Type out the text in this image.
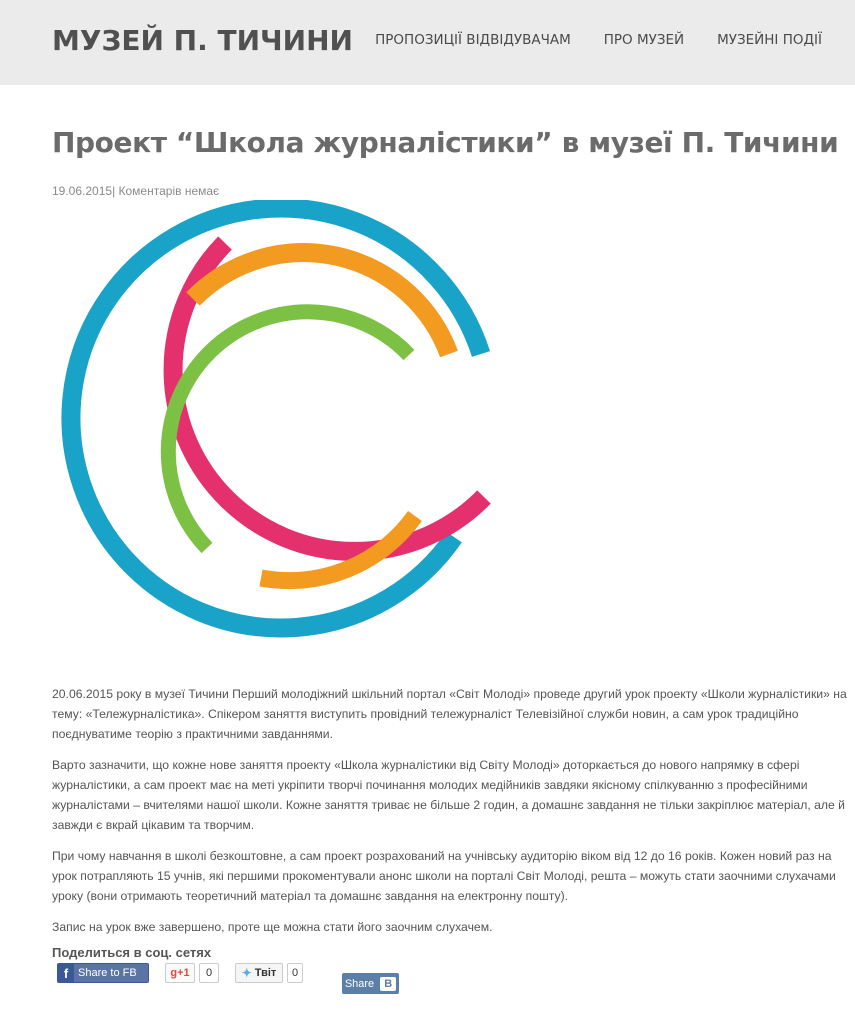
МУЗЕЙ П. ТИЧИНИ ПРОПОЗИЦІЇ ВІДВІДУВАЧАМ ПРО МУЗЕЙ МУЗЕЙНІ ПОДІЇ
Проект “Школа журналістики” в музеї П. Тичини
19.06.2015| Коментарів немає

20.06.2015 року в музеї Тичини Перший молодіжний шкільний портал «Світ Молоді» проведе другий урок проекту «Школи журналістики» на тему: «Тележурналістика». Спікером заняття виступить провідний тележурналіст Телевізійної служби новин, а сам урок традиційно поєднуватиме теорію з практичними завданнями.

Варто зазначити, що кожне нове заняття проекту «Школа журналістики від Світу Молоді» доторкається до нового напрямку в сфері журналістики, а сам проект має на меті укріпити творчі починання молодих медійників завдяки якісному спілкуванню з професійними журналістами – вчителями нашої школи. Кожне заняття триває не більше 2 годин, а домашнє завдання не тільки закріплює матеріал, але й завжди є вкрай цікавим та творчим.

При чому навчання в школі безкоштовне, а сам проект розрахований на учнівську аудиторію віком від 12 до 16 років. Кожен новий раз на урок потрапляють 15 учнів, які першими прокоментували анонс школи на порталі Світ Молоді, решта – можуть стати заочними слухачами уроку (вони отримають теоретичний матеріал та домашнє завдання на електронну пошту).

Запис на урок вже завершено, проте ще можна стати його заочним слухачем.

Поделиться в соц. сетях
f Share to FB	g +1	0	✦ Твіт	0
Share В
